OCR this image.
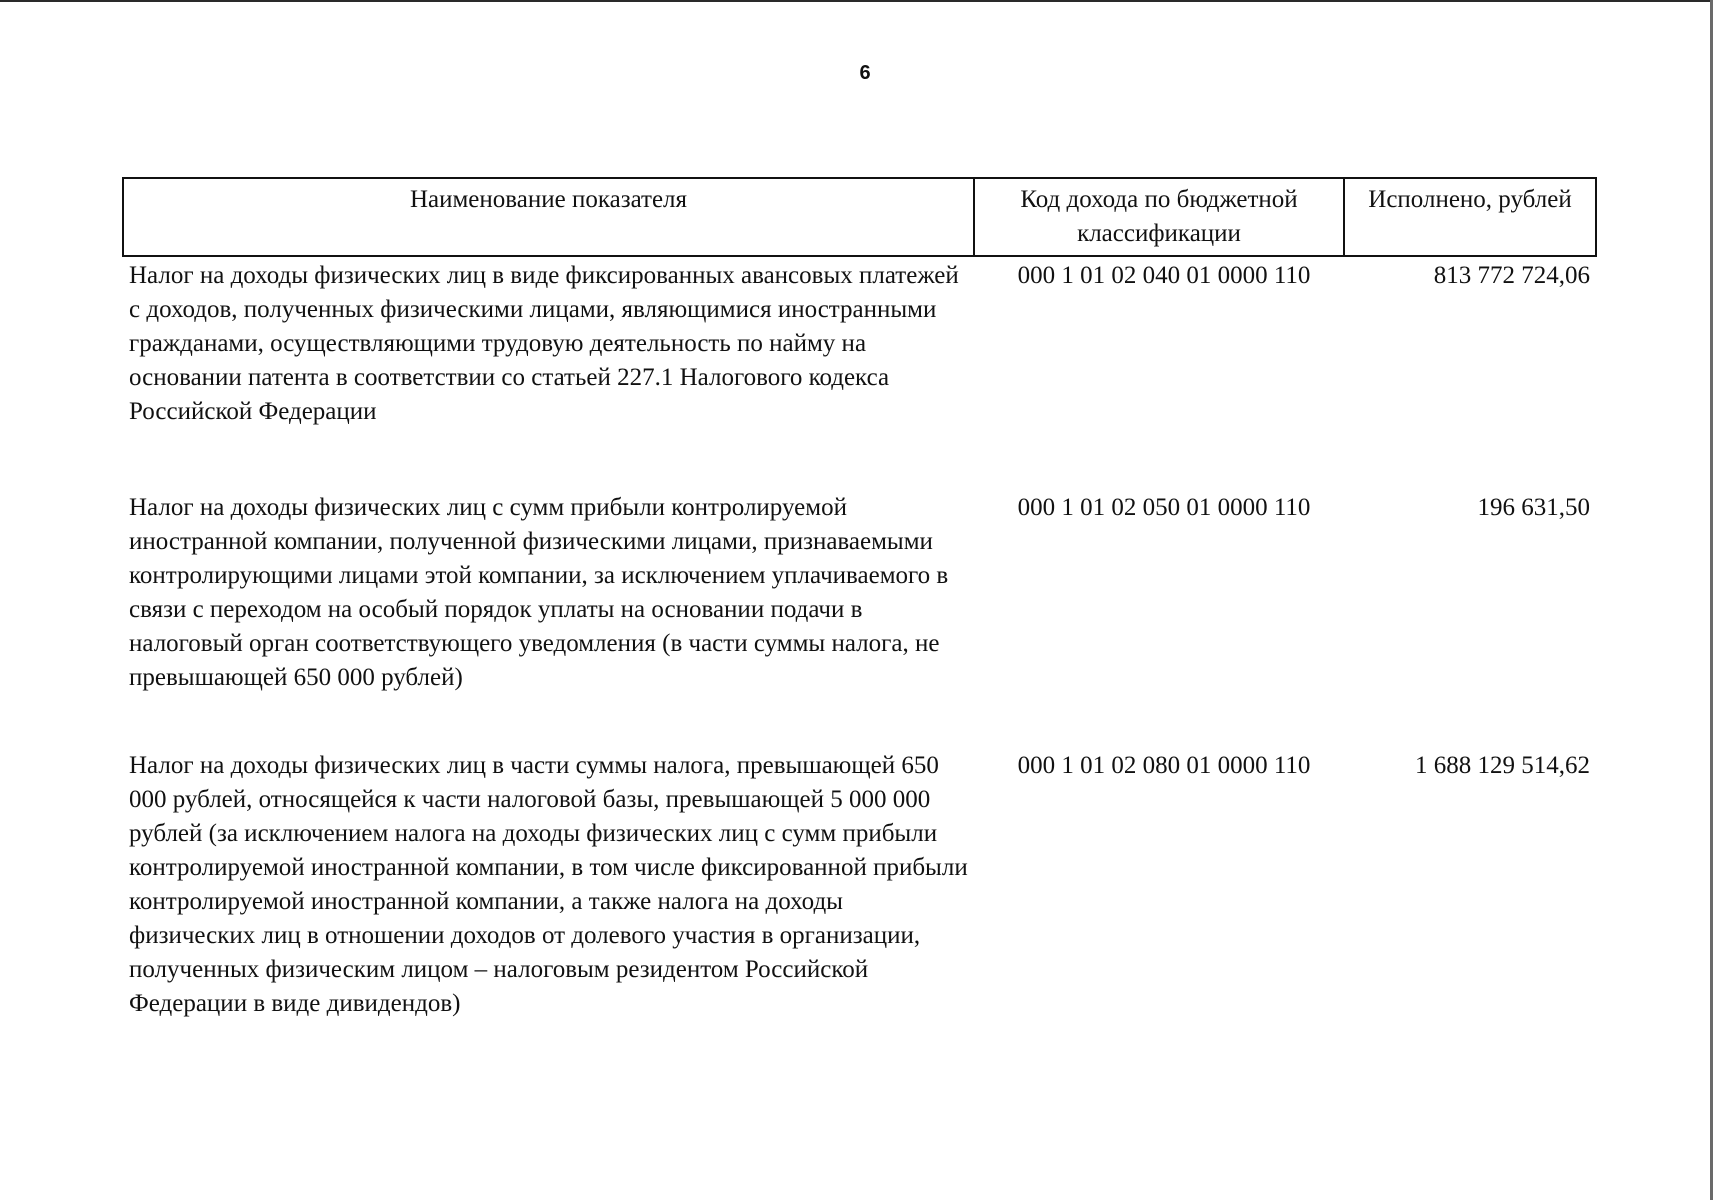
6
Наименование показателя	Код дохода по бюджетной классификации	Исполнено, рублей
Налог на доходы физических лиц в виде фиксированных авансовых платежей с доходов, полученных физическими лицами, являющимися иностранными гражданами, осуществляющими трудовую деятельность по найму на основании патента в соответствии со статьей 227.1 Налогового кодекса Российской Федерации	000 1 01 02 040 01 0000 110	813 772 724,06
Налог на доходы физических лиц с сумм прибыли контролируемой иностранной компании, полученной физическими лицами, признаваемыми контролирующими лицами этой компании, за исключением уплачиваемого в связи с переходом на особый порядок уплаты на основании подачи в налоговый орган соответствующего уведомления (в части суммы налога, не превышающей 650 000 рублей)	000 1 01 02 050 01 0000 110	196 631,50
Налог на доходы физических лиц в части суммы налога, превышающей 650 000 рублей, относящейся к части налоговой базы, превышающей 5 000 000 рублей (за исключением налога на доходы физических лиц с сумм прибыли контролируемой иностранной компании, в том числе фиксированной прибыли контролируемой иностранной компании, а также налога на доходы физических лиц в отношении доходов от долевого участия в организации, полученных физическим лицом – налоговым резидентом Российской Федерации в виде дивидендов)	000 1 01 02 080 01 0000 110	1 688 129 514,62
